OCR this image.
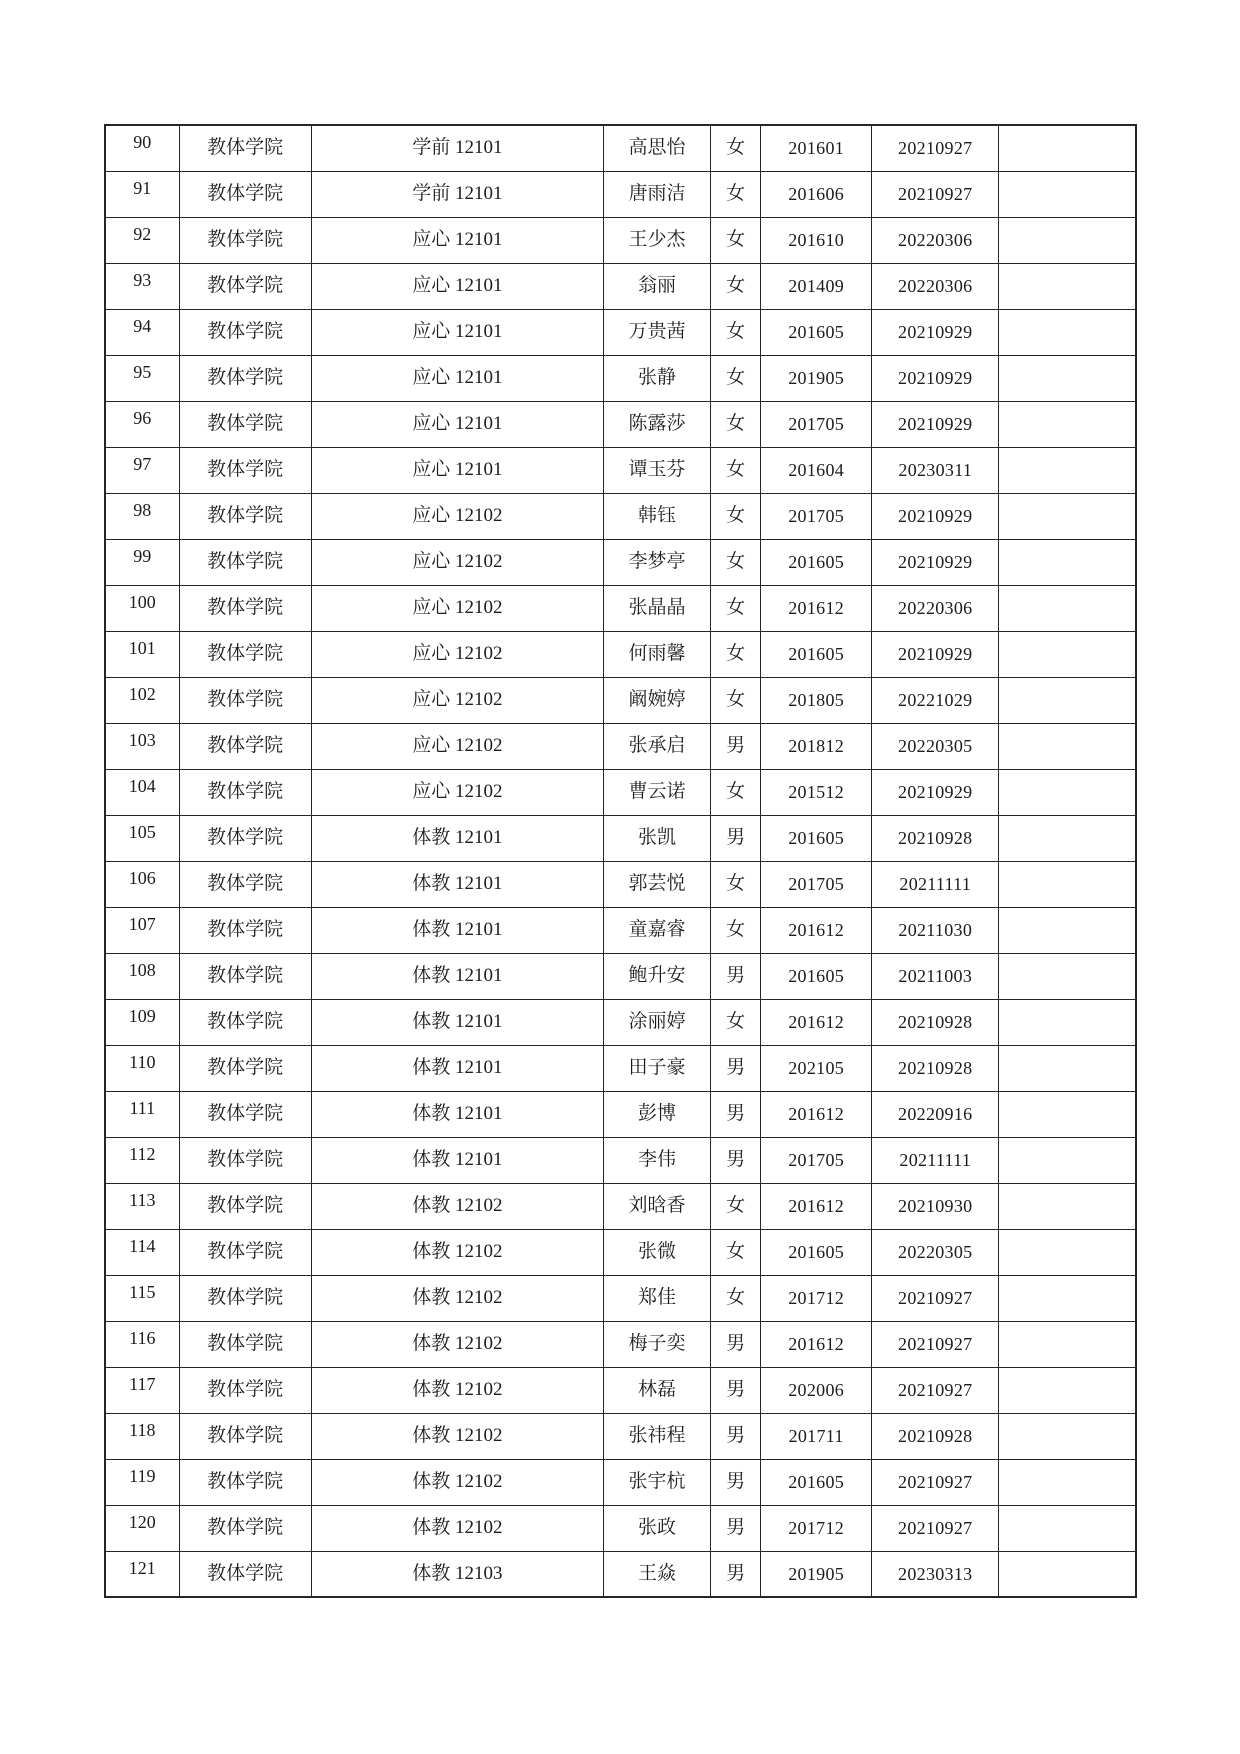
90	教体学院	学前 12101	高思怡	女	201601	20210927	
91	教体学院	学前 12101	唐雨洁	女	201606	20210927	
92	教体学院	应心 12101	王少杰	女	201610	20220306	
93	教体学院	应心 12101	翁丽	女	201409	20220306	
94	教体学院	应心 12101	万贵茜	女	201605	20210929	
95	教体学院	应心 12101	张静	女	201905	20210929	
96	教体学院	应心 12101	陈露莎	女	201705	20210929	
97	教体学院	应心 12101	谭玉芬	女	201604	20230311	
98	教体学院	应心 12102	韩钰	女	201705	20210929	
99	教体学院	应心 12102	李梦亭	女	201605	20210929	
100	教体学院	应心 12102	张晶晶	女	201612	20220306	
101	教体学院	应心 12102	何雨馨	女	201605	20210929	
102	教体学院	应心 12102	阚婉婷	女	201805	20221029	
103	教体学院	应心 12102	张承启	男	201812	20220305	
104	教体学院	应心 12102	曹云诺	女	201512	20210929	
105	教体学院	体教 12101	张凯	男	201605	20210928	
106	教体学院	体教 12101	郭芸悦	女	201705	20211111	
107	教体学院	体教 12101	童嘉睿	女	201612	20211030	
108	教体学院	体教 12101	鲍升安	男	201605	20211003	
109	教体学院	体教 12101	涂丽婷	女	201612	20210928	
110	教体学院	体教 12101	田子豪	男	202105	20210928	
111	教体学院	体教 12101	彭博	男	201612	20220916	
112	教体学院	体教 12101	李伟	男	201705	20211111	
113	教体学院	体教 12102	刘晗香	女	201612	20210930	
114	教体学院	体教 12102	张微	女	201605	20220305	
115	教体学院	体教 12102	郑佳	女	201712	20210927	
116	教体学院	体教 12102	梅子奕	男	201612	20210927	
117	教体学院	体教 12102	林磊	男	202006	20210927	
118	教体学院	体教 12102	张祎程	男	201711	20210928	
119	教体学院	体教 12102	张宇杭	男	201605	20210927	
120	教体学院	体教 12102	张政	男	201712	20210927	
121	教体学院	体教 12103	王焱	男	201905	20230313	
